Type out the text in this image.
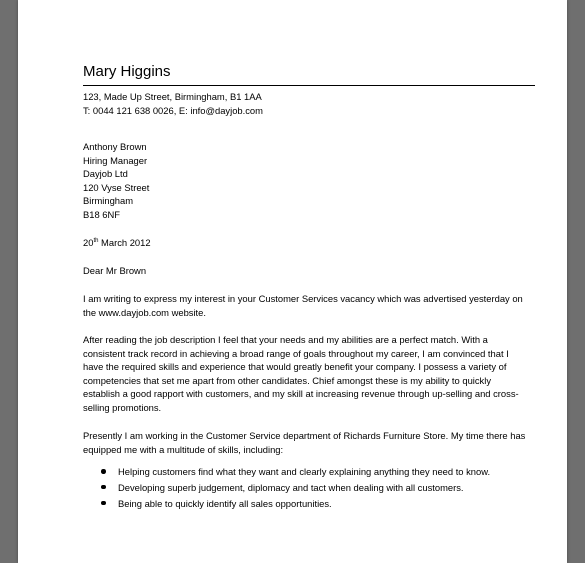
Mary Higgins
123, Made Up Street, Birmingham, B1 1AA
T: 0044 121 638 0026, E: info@dayjob.com
Anthony Brown
Hiring Manager
Dayjob Ltd
120 Vyse Street
Birmingham
B18 6NF
20th March 2012
Dear Mr Brown
I am writing to express my interest in your Customer Services vacancy which was advertised yesterday on
the www.dayjob.com website.
After reading the job description I feel that your needs and my abilities are a perfect match. With a
consistent track record in achieving a broad range of goals throughout my career, I am convinced that I
have the required skills and experience that would greatly benefit your company. I possess a variety of
competencies that set me apart from other candidates. Chief amongst these is my ability to quickly
establish a good rapport with customers, and my skill at increasing revenue through up-selling and cross-
selling promotions.
Presently I am working in the Customer Service department of Richards Furniture Store. My time there has
equipped me with a multitude of skills, including:
Helping customers find what they want and clearly explaining anything they need to know.
Developing superb judgement, diplomacy and tact when dealing with all customers.
Being able to quickly identify all sales opportunities.
